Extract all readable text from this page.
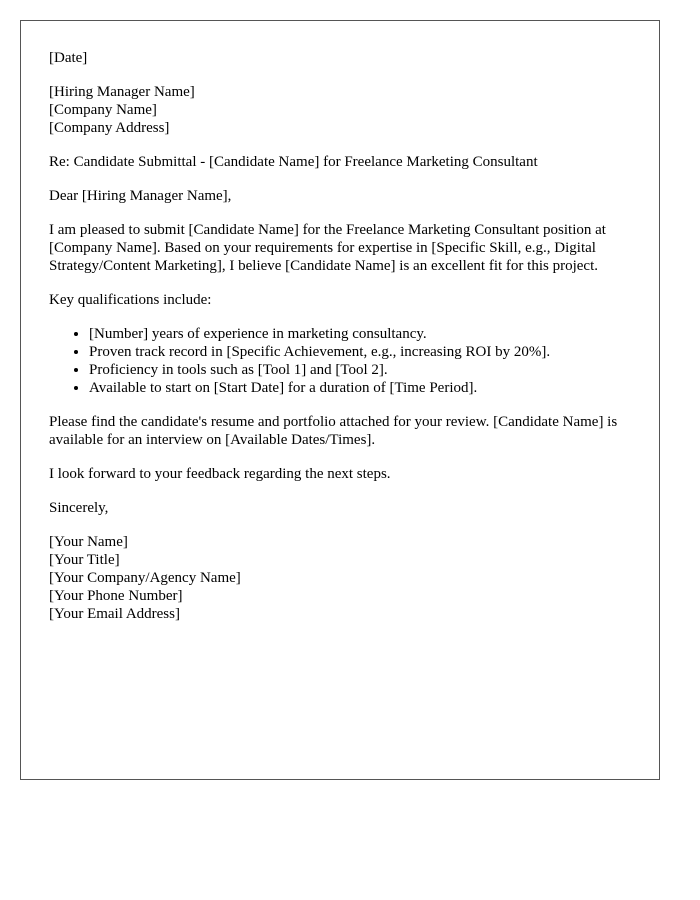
[Date]

[Hiring Manager Name]
[Company Name]
[Company Address]

Re: Candidate Submittal - [Candidate Name] for Freelance Marketing Consultant

Dear [Hiring Manager Name],

I am pleased to submit [Candidate Name] for the Freelance Marketing Consultant position at [Company Name]. Based on your requirements for expertise in [Specific Skill, e.g., Digital Strategy/Content Marketing], I believe [Candidate Name] is an excellent fit for this project.

Key qualifications include:

• [Number] years of experience in marketing consultancy.
• Proven track record in [Specific Achievement, e.g., increasing ROI by 20%].
• Proficiency in tools such as [Tool 1] and [Tool 2].
• Available to start on [Start Date] for a duration of [Time Period].

Please find the candidate's resume and portfolio attached for your review. [Candidate Name] is available for an interview on [Available Dates/Times].

I look forward to your feedback regarding the next steps.

Sincerely,

[Your Name]
[Your Title]
[Your Company/Agency Name]
[Your Phone Number]
[Your Email Address]
